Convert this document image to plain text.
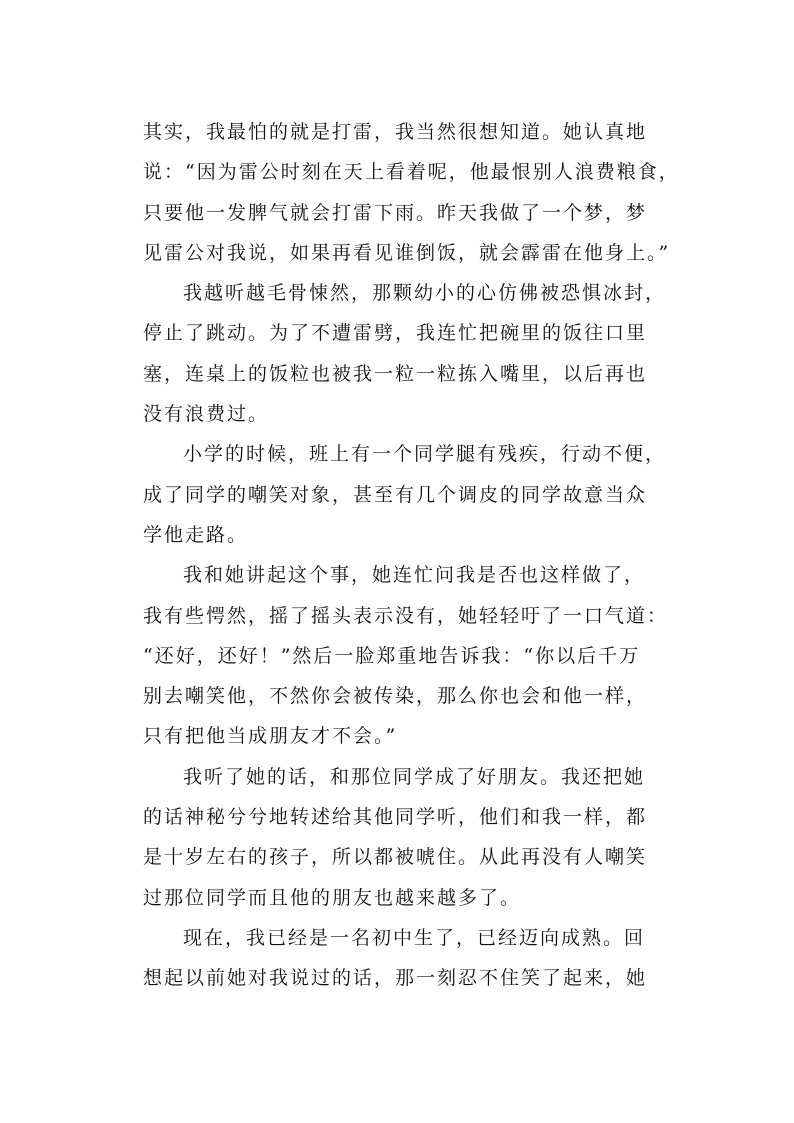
其实，我最怕的就是打雷，我当然很想知道。她认真地
说：“因为雷公时刻在天上看着呢，他最恨别人浪费粮食，
只要他一发脾气就会打雷下雨。昨天我做了一个梦，梦
见雷公对我说，如果再看见谁倒饭，就会霹雷在他身上。”
我越听越毛骨悚然，那颗幼小的心仿佛被恐惧冰封，
停止了跳动。为了不遭雷劈，我连忙把碗里的饭往口里
塞，连桌上的饭粒也被我一粒一粒拣入嘴里，以后再也
没有浪费过。
小学的时候，班上有一个同学腿有残疾，行动不便，
成了同学的嘲笑对象，甚至有几个调皮的同学故意当众
学他走路。
我和她讲起这个事，她连忙问我是否也这样做了，
我有些愕然，摇了摇头表示没有，她轻轻吁了一口气道：
“还好，还好！”然后一脸郑重地告诉我：“你以后千万
别去嘲笑他，不然你会被传染，那么你也会和他一样，
只有把他当成朋友才不会。”
我听了她的话，和那位同学成了好朋友。我还把她
的话神秘兮兮地转述给其他同学听，他们和我一样，都
是十岁左右的孩子，所以都被唬住。从此再没有人嘲笑
过那位同学而且他的朋友也越来越多了。
现在，我已经是一名初中生了，已经迈向成熟。回
想起以前她对我说过的话，那一刻忍不住笑了起来，她
